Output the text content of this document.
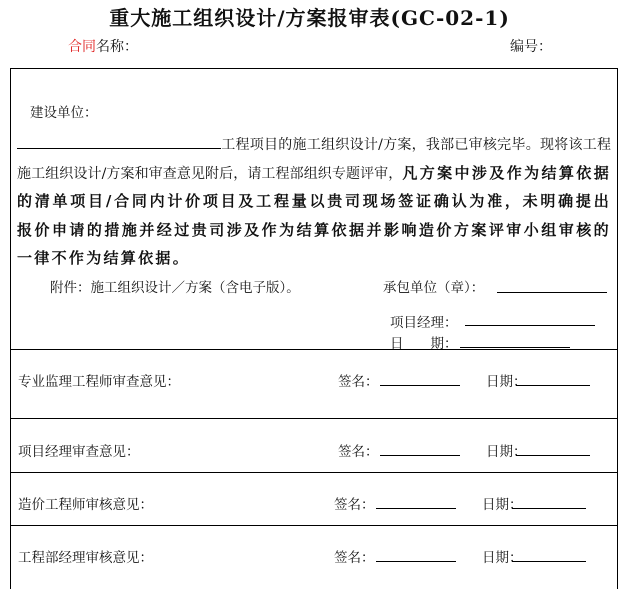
重大施工组织设计/方案报审表(GC-02-1)
合同名称：	编号：
建设单位：
工程项目的施工组织设计/方案，我部已审核完毕。现将该工程施工组织设计/方案和审查意见附后，请工程部组织专题评审，凡方案中涉及作为结算依据的清单项目/合同内计价项目及工程量以贵司现场签证确认为准，未明确提出报价申请的措施并经过贵司涉及作为结算依据并影响造价方案评审小组审核的一律不作为结算依据。
附件：施工组织设计／方案（含电子版）。	承包单位（章）：
项目经理：
日　　期：
专业监理工程师审查意见：	签名：	日期：
项目经理审查意见：	签名：	日期：
造价工程师审核意见：	签名：	日期：
工程部经理审核意见：	签名：	日期：
